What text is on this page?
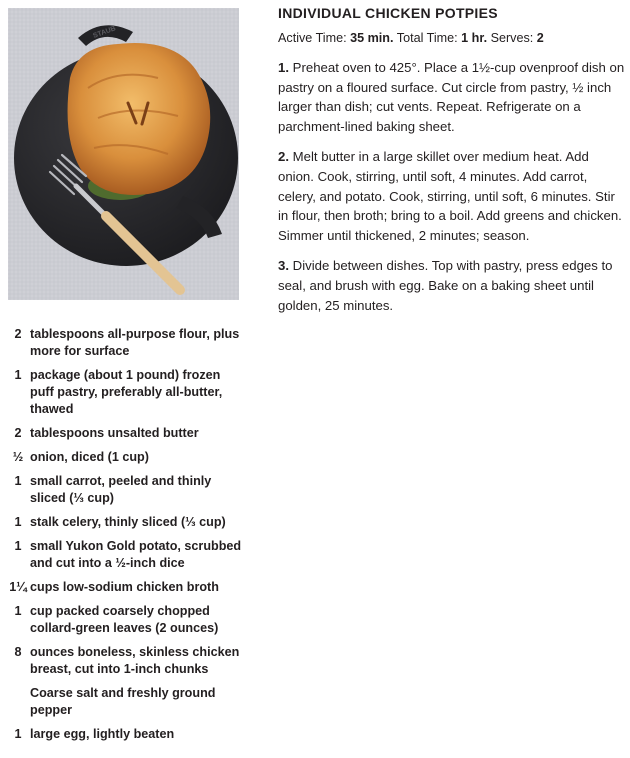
STAUB
2 tablespoons all-purpose flour, plus more for surface
1 package (about 1 pound) frozen puff pastry, preferably all-butter, thawed
2 tablespoons unsalted butter
½ onion, diced (1 cup)
1 small carrot, peeled and thinly sliced (⅓ cup)
1 stalk celery, thinly sliced (⅓ cup)
1 small Yukon Gold potato, scrubbed and cut into a ½-inch dice
1¼ cups low-sodium chicken broth
1 cup packed coarsely chopped collard-green leaves (2 ounces)
8 ounces boneless, skinless chicken breast, cut into 1-inch chunks
Coarse salt and freshly ground pepper
1 large egg, lightly beaten
INDIVIDUAL CHICKEN POTPIES
Active Time: 35 min. Total Time: 1 hr. Serves: 2

1. Preheat oven to 425°. Place a 1½-cup ovenproof dish on pastry on a floured surface. Cut circle from pastry, ½ inch larger than dish; cut vents. Repeat. Refrigerate on a parchment-lined baking sheet.

2. Melt butter in a large skillet over medium heat. Add onion. Cook, stirring, until soft, 4 minutes. Add carrot, celery, and potato. Cook, stirring, until soft, 6 minutes. Stir in flour, then broth; bring to a boil. Add greens and chicken. Simmer until thickened, 2 minutes; season.

3. Divide between dishes. Top with pastry, press edges to seal, and brush with egg. Bake on a baking sheet until golden, 25 minutes.
